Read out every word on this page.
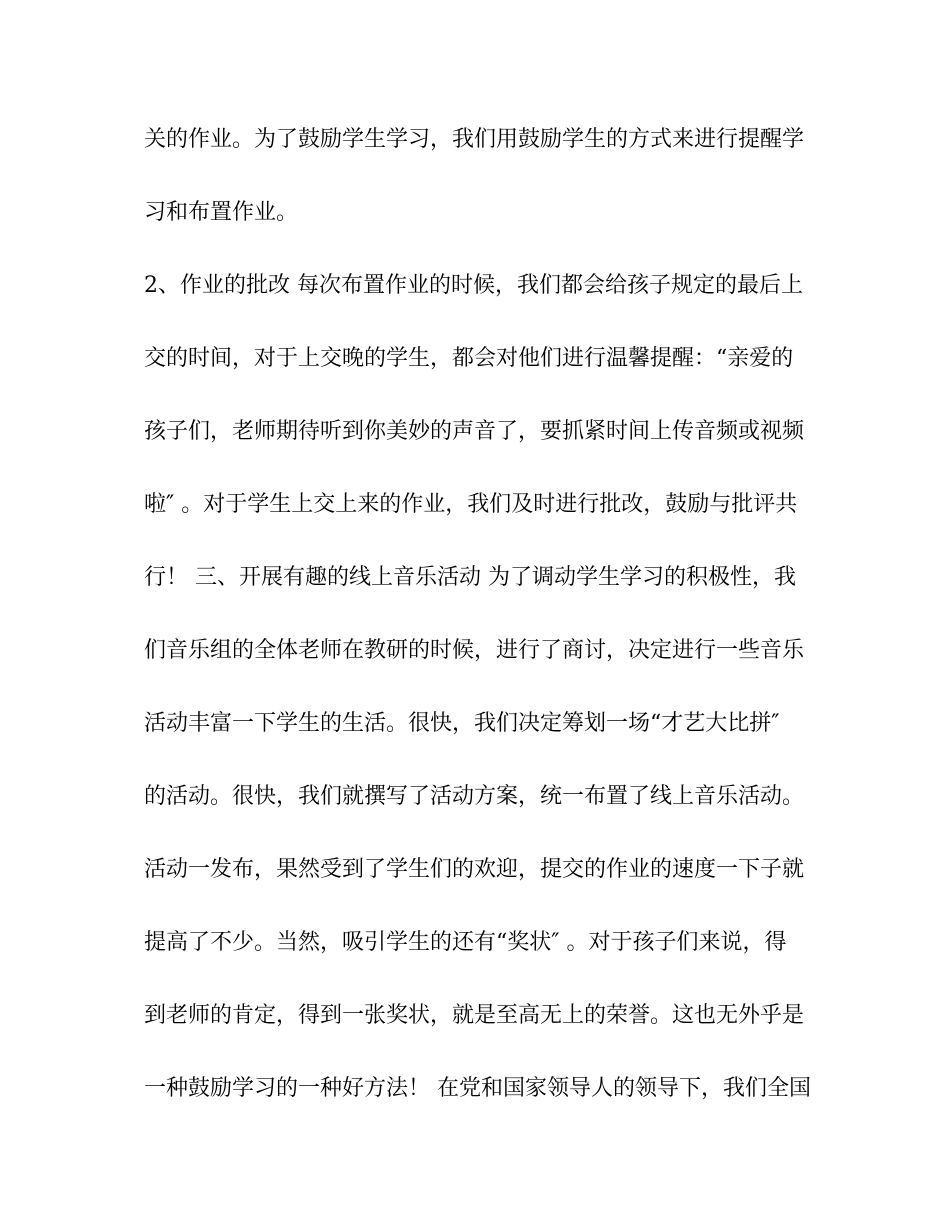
关的作业。为了鼓励学生学习，我们用鼓励学生的方式来进行提醒学
习和布置作业。
2、作业的批改 每次布置作业的时候，我们都会给孩子规定的最后上
交的时间，对于上交晚的学生，都会对他们进行温馨提醒：“亲爱的
孩子们，老师期待听到你美妙的声音了，要抓紧时间上传音频或视频
啦″ 。对于学生上交上来的作业，我们及时进行批改，鼓励与批评共
行！ 三、开展有趣的线上音乐活动 为了调动学生学习的积极性，我
们音乐组的全体老师在教研的时候，进行了商讨，决定进行一些音乐
活动丰富一下学生的生活。很快，我们决定筹划一场“才艺大比拼″
的活动。很快，我们就撰写了活动方案，统一布置了线上音乐活动。
活动一发布，果然受到了学生们的欢迎，提交的作业的速度一下子就
提高了不少。当然，吸引学生的还有“奖状″ 。对于孩子们来说，得
到老师的肯定，得到一张奖状，就是至高无上的荣誉。这也无外乎是
一种鼓励学习的一种好方法！ 在党和国家领导人的领导下，我们全国
